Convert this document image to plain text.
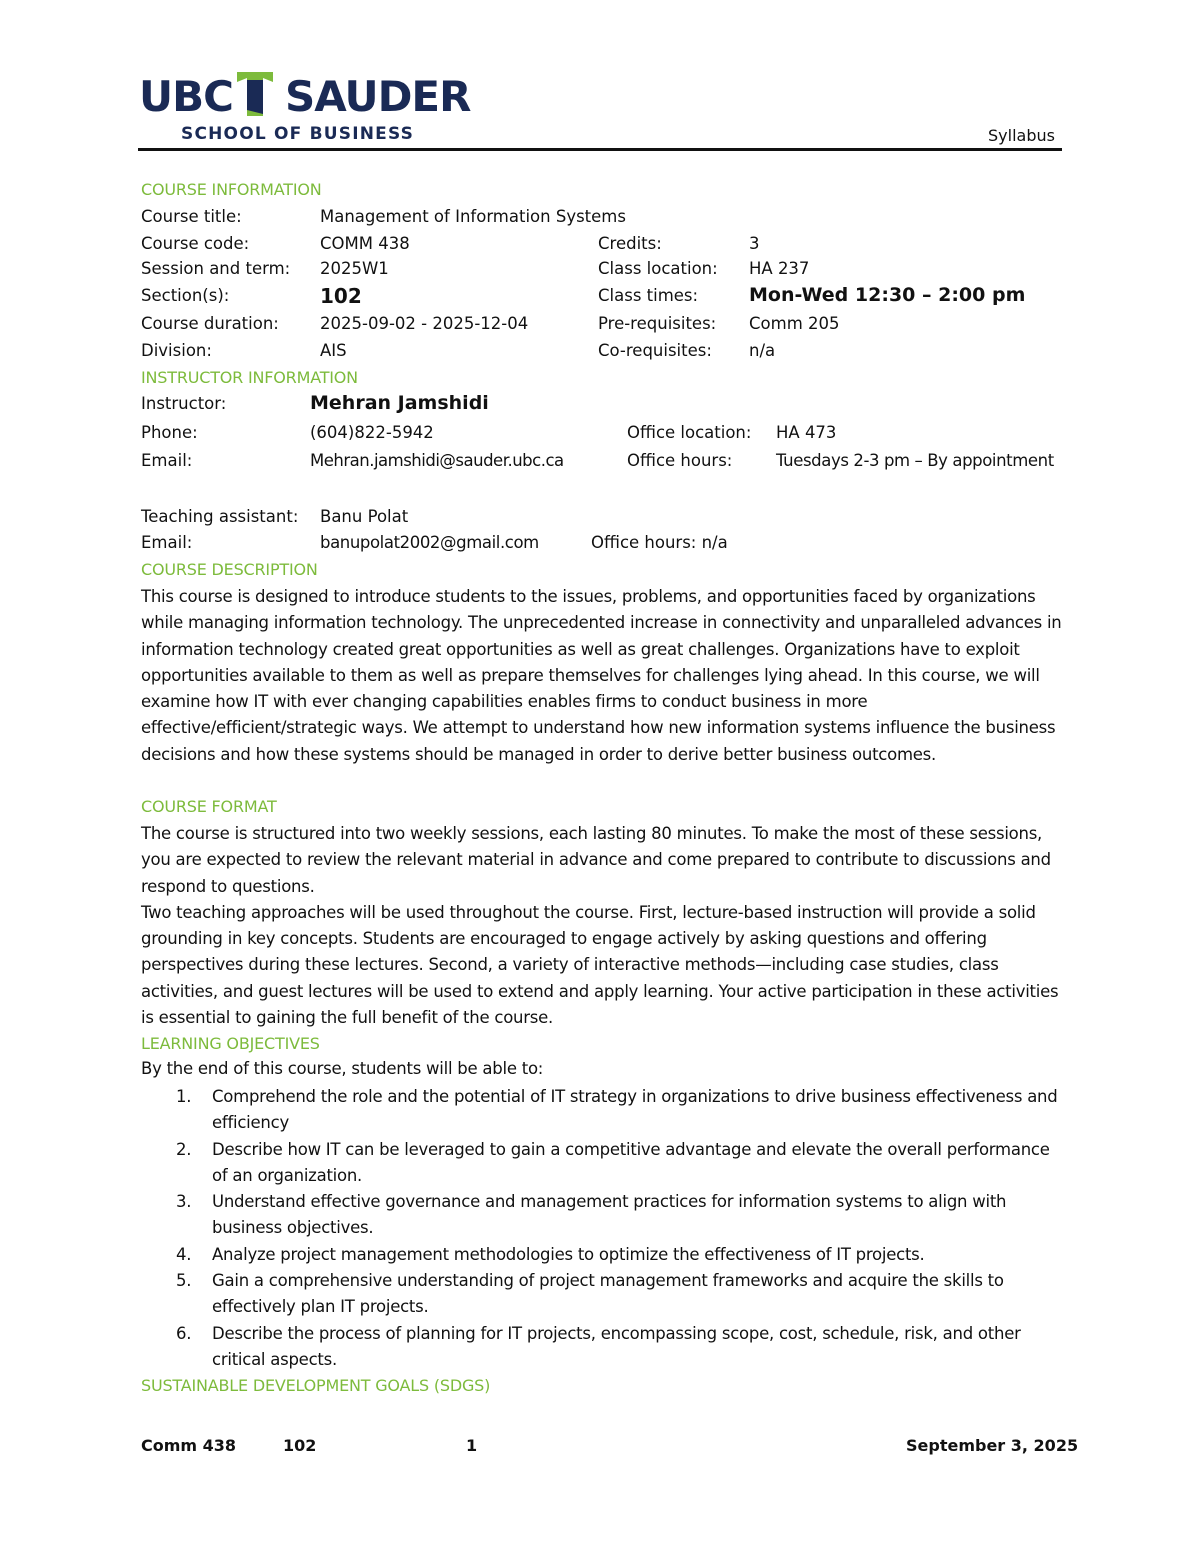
UBC SAUDER
SCHOOL OF BUSINESS	Syllabus
COURSE INFORMATION
Course title:	Management of Information Systems
Course code:	COMM 438	Credits:	3
Session and term: 2025W1	Class location: HA 237
Section(s):	102	Class times:	Mon-Wed 12:30 – 2:00 pm
Course duration: 2025-09-02 - 2025-12-04	Pre-requisites: Comm 205
Division:	AIS	Co-requisites: n/a
INSTRUCTOR INFORMATION
Instructor:	Mehran Jamshidi
Phone:	(604)822-5942	Office location: HA 473
Email:	Mehran.jamshidi@sauder.ubc.ca	Office hours:	Tuesdays 2-3 pm – By appointment
Teaching assistant: Banu Polat
Email:	banupolat2002@gmail.com	Office hours: n/a
COURSE DESCRIPTION
This course is designed to introduce students to the issues, problems, and opportunities faced by organizations while managing information technology. The unprecedented increase in connectivity and unparalleled advances in information technology created great opportunities as well as great challenges. Organizations have to exploit opportunities available to them as well as prepare themselves for challenges lying ahead. In this course, we will examine how IT with ever changing capabilities enables firms to conduct business in more effective/efficient/strategic ways. We attempt to understand how new information systems influence the business decisions and how these systems should be managed in order to derive better business outcomes.
COURSE FORMAT

The course is structured into two weekly sessions, each lasting 80 minutes. To make the most of these sessions, you are expected to review the relevant material in advance and come prepared to contribute to discussions and respond to questions.

Two teaching approaches will be used throughout the course. First, lecture-based instruction will provide a solid grounding in key concepts. Students are encouraged to engage actively by asking questions and offering perspectives during these lectures. Second, a variety of interactive methods—including case studies, class activities, and guest lectures will be used to extend and apply learning. Your active participation in these activities is essential to gaining the full benefit of the course.

LEARNING OBJECTIVES
By the end of this course, students will be able to:
1. Comprehend the role and the potential of IT strategy in organizations to drive business effectiveness and efficiency
2. Describe how IT can be leveraged to gain a competitive advantage and elevate the overall performance of an organization.
3. Understand effective governance and management practices for information systems to align with business objectives.
4. Analyze project management methodologies to optimize the effectiveness of IT projects.
5. Gain a comprehensive understanding of project management frameworks and acquire the skills to effectively plan IT projects.
6. Describe the process of planning for IT projects, encompassing scope, cost, schedule, risk, and other critical aspects.
SUSTAINABLE DEVELOPMENT GOALS (SDGS)
Comm 438	102	1	September 3, 2025
